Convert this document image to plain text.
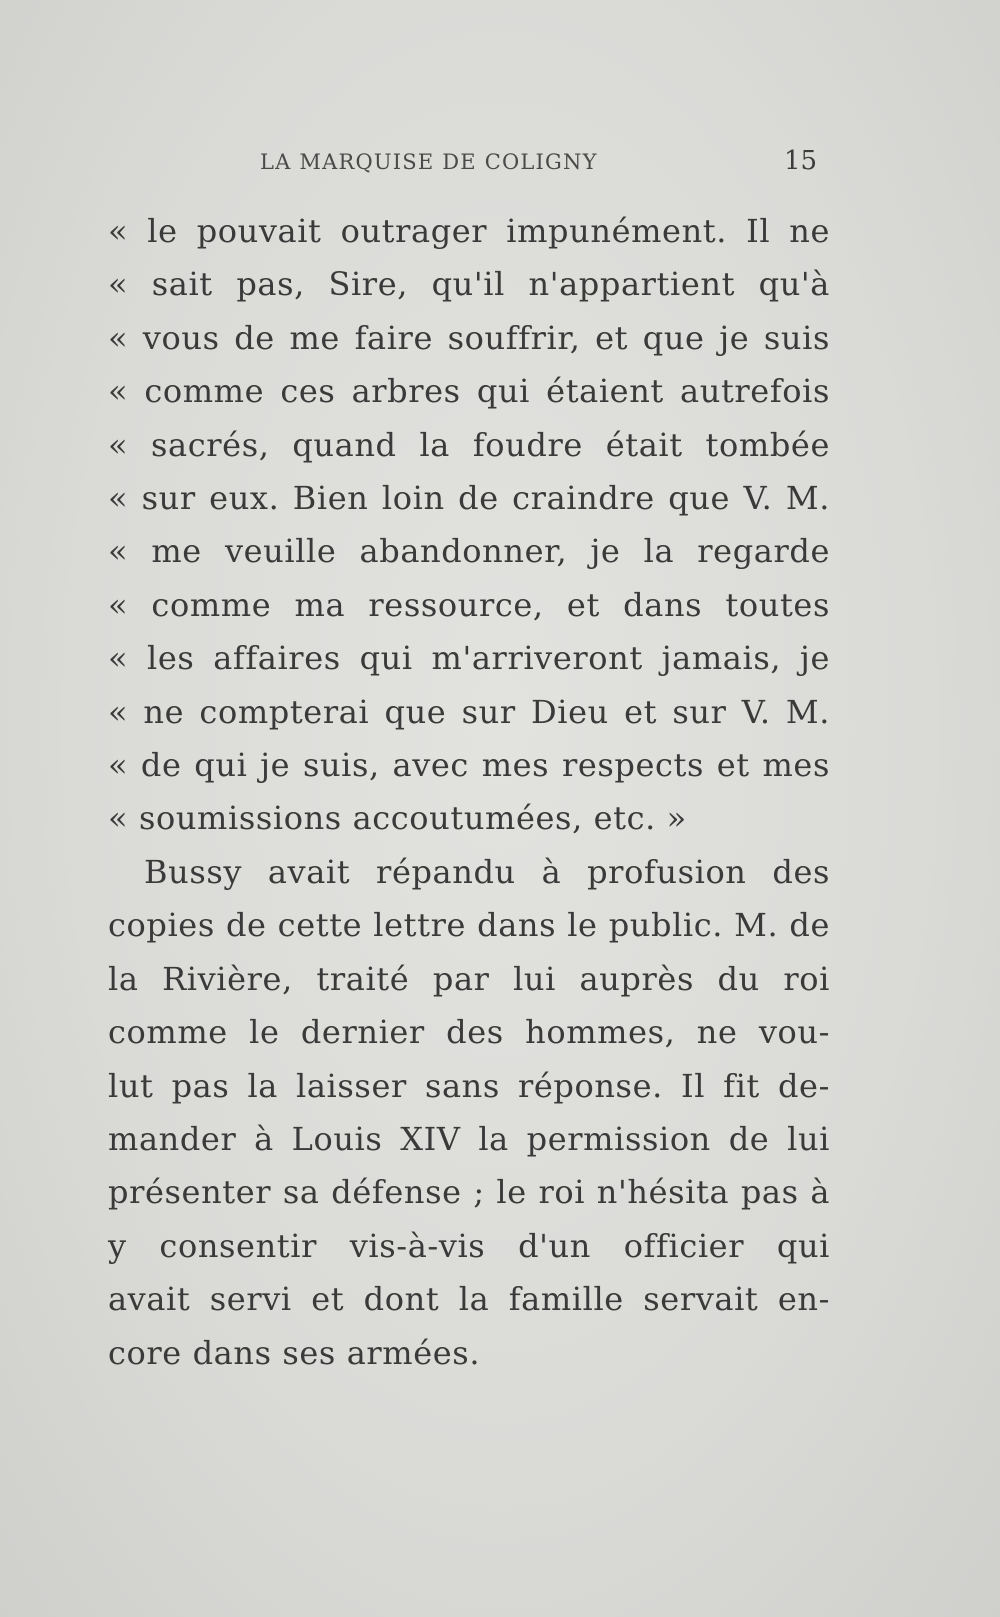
LA MARQUISE DE COLIGNY	15
« le pouvait outrager impunément. Il ne
« sait pas, Sire, qu'il n'appartient qu'à
« vous de me faire souffrir, et que je suis
« comme ces arbres qui étaient autrefois
« sacrés, quand la foudre était tombée
« sur eux. Bien loin de craindre que V. M.
« me veuille abandonner, je la regarde
« comme ma ressource, et dans toutes
« les affaires qui m'arriveront jamais, je
« ne compterai que sur Dieu et sur V. M.
« de qui je suis, avec mes respects et mes
« soumissions accoutumées, etc. »
Bussy avait répandu à profusion des
copies de cette lettre dans le public. M. de
la Rivière, traité par lui auprès du roi
comme le dernier des hommes, ne vou-
lut pas la laisser sans réponse. Il fit de-
mander à Louis XIV la permission de lui
présenter sa défense ; le roi n'hésita pas à
y consentir vis-à-vis d'un officier qui
avait servi et dont la famille servait en-
core dans ses armées.
